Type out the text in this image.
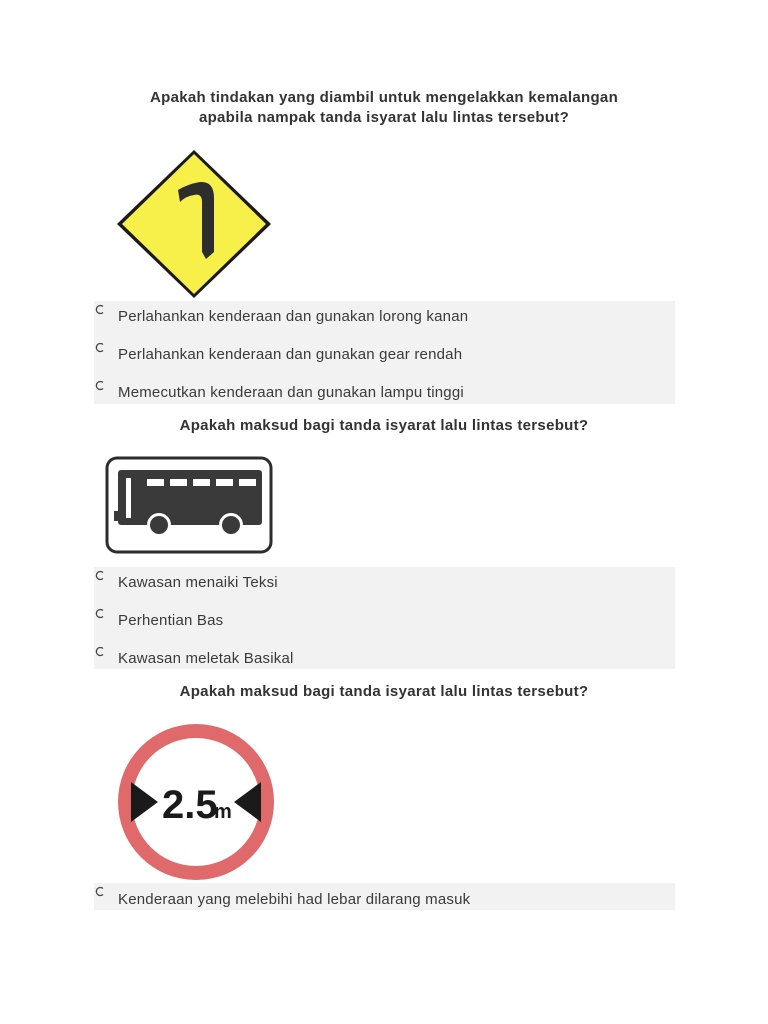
Apakah tindakan yang diambil untuk mengelakkan kemalangan
apabila nampak tanda isyarat lalu lintas tersebut?
Perlahankan kenderaan dan gunakan lorong kanan
Perlahankan kenderaan dan gunakan gear rendah
Memecutkan kenderaan dan gunakan lampu tinggi
Apakah maksud bagi tanda isyarat lalu lintas tersebut?
Kawasan menaiki Teksi
Perhentian Bas
Kawasan meletak Basikal
Apakah maksud bagi tanda isyarat lalu lintas tersebut?
2.5
m
Kenderaan yang melebihi had lebar dilarang masuk
